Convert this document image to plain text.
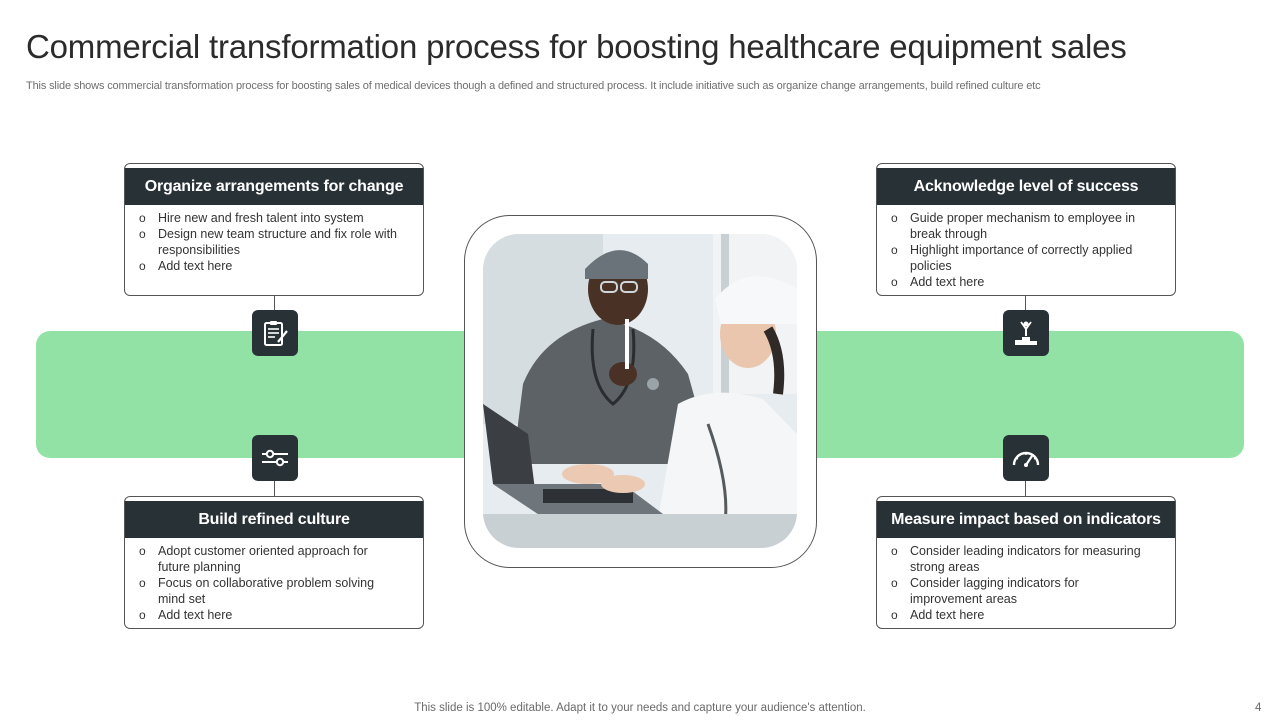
Commercial transformation process for boosting healthcare equipment sales
This slide shows commercial transformation process for boosting sales of medical devices though a defined and structured process. It include initiative such as organize change arrangements, build refined culture etc
Organize arrangements for change
o Hire new and fresh talent into system
o Design new team structure and fix role with responsibilities
o Add text here
Acknowledge level of success
o Guide proper mechanism to employee in break through
o Highlight importance of correctly applied policies
o Add text here
Build refined culture
o Adopt customer oriented approach for future planning
o Focus on collaborative problem solving mind set
o Add text here
Measure impact based on indicators
o Consider leading indicators for measuring strong areas
o Consider lagging indicators for improvement areas
o Add text here
This slide is 100% editable. Adapt it to your needs and capture your audience's attention.	4
